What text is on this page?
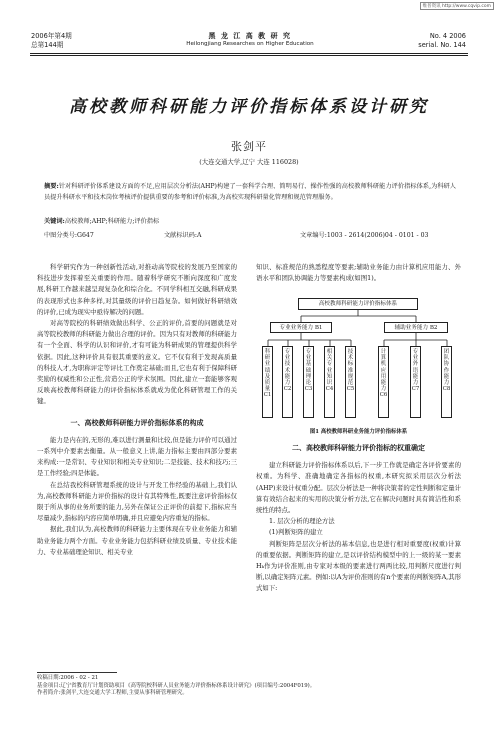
维普资讯 http://www.cqvip.com
2006年第4期
总第144期
黑 龙 江 高 教 研 究
Heilongjiang Researches on Higher Education
No. 4 2006
serial. No. 144
高校教师科研能力评价指标体系设计研究
张剑平
(大连交通大学,辽宁 大连 116028)
摘要:针对科研评价体系建设方面的不足,应用层次分析法(AHP)构建了一套科学合理、简明易行、操作性强的高校教师科研能力评价指标体系,为科研人员提升科研水平和技术岗位考核评价提供重要的参考和评价标准,为高校实现科研量化管理和规范管理服务。
关键词:高校教师;AHP;科研能力;评价指标
中图分类号:G647	文献标识码:A	文章编号:1003 - 2614(2006)04 - 0101 - 03

科学研究作为一种创新性活动,对推动高等院校的发展乃至国家的科技进步发挥着至关重要的作用。随着科学研究不断向深度和广度发展,科研工作越来越呈现复杂化和综合化。不同学科相互交融,科研成果的表现形式也多种多样,对其量级的评价日趋复杂。如何做好科研绩效的评价,已成为现实中亟待解决的问题。

对高等院校的科研绩效做出科学、公正的评价,首要的问题就是对高等院校教师的科研能力做出合理的评价。因为只有对教师的科研能力有一个全面、科学的认识和评价,才有可能为科研成果的管理提供科学依据。因此,这种评价具有很其重要的意义。它不仅有利于发现高质量的科技人才,为职称评定等评比工作奠定基础;而且,它也有利于保障科研奖励的权威性和公正性,营造公正的学术氛围。因此,建立一套能够客观反映高校教师科研能力的评价指标体系就成为优化科研管理工作的关键。

一、高校教师科研能力评价指标体系的构成

能力是内在的,无形的,难以进行测量和比较,但是能力评价可以通过一系列中介要素去衡量。从一般意义上讲,能力指标主要由四部分要素来构成:一是常识、专业知识和相关专业知识;二是技能、技术和技巧;三是工作经验;四是体能。

在总结我校科研管理系统的设计与开发工作经验的基础上,我们认为,高校教师科研能力评价指标的设计有其特殊性,既要注意评价指标仅限于所从事的业务所要的能力,另外在保证公正评价的前提下,指标应当尽量减少,指标的内容应简单明确,并且应避免内容重复的指标。

据此,我们认为,高校教师的科研能力主要体现在专业业务能力和辅助业务能力两个方面。专业业务能力包括科研业绩及质量、专业技术能力、专业基础理论知识、相关专业

知识、标准规范的熟悉程度等要素;辅助业务能力由计算机应用能力、外语水平和团队协调能力等要素构成(如图1)。

高校教师科研能力评价指标体系
专业业务能力 B1	辅助业务能力 B2
科研业绩及质量C1
专业技术能力C2
专业基础理论C3
相关专业知识C4
技术标准规范C5
计算机应用能力C6
专业外语能力C7
团队协作能力C8
图1 高校教师科研业务能力评价指标体系
二、高校教师科研能力评价指标的权重确定

建立科研能力评价指标体系以后,下一步工作就是确定各评价要素的权重。为科学、准确地确定各指标的权重,本研究拟采用层次分析法(AHP)来设计权重分配。层次分析法是一种将决策者的定性判断和定量计算有效结合起来的实用的决策分析方法,它在解决问题时具有简洁性和系统性的特点。

1. 层次分析的理论方法
(1)判断矩阵的建立

判断矩阵是层次分析法的基本信息,也是进行相对重要度(权重)计算的重要依据。判断矩阵的建立,是以评价结构模型中的上一级的某一要素Hₖ作为评价准则,由专家对本级的要素进行两两比较,用判断尺度进行判断,以确定矩阵元素。例如:以A为评价准则的有n个要素的判断矩阵A,其形式如下:

收稿日期:2006 - 02 - 21
基金项目:辽宁省教育厅计划资助项目《高等院校科研人员业务能力评价指标体系设计研究》(项目编号:2004F019)。
作者简介:张剑平,大连交通大学工程师,主要从事科研管理研究。
